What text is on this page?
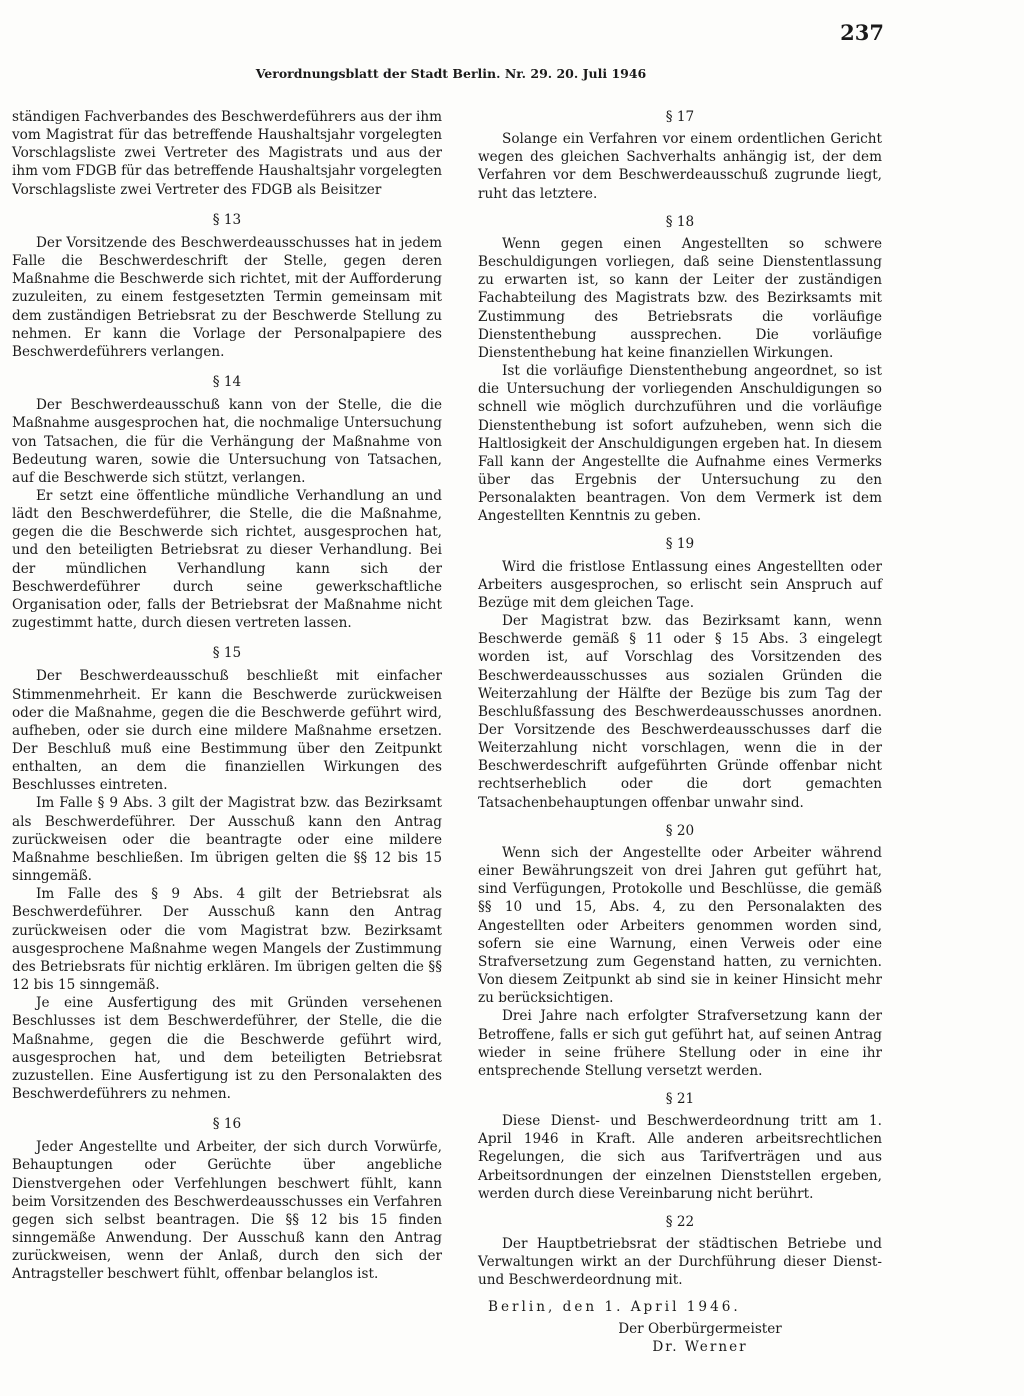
237
Verordnungsblatt der Stadt Berlin. Nr. 29. 20. Juli 1946

ständigen Fachverbandes des Beschwerdeführers aus der ihm vom Magistrat für das betreffende Haushaltsjahr vorgelegten Vorschlagsliste zwei Vertreter des Magistrats und aus der ihm vom FDGB für das betreffende Haushaltsjahr vorgelegten Vorschlagsliste zwei Vertreter des FDGB als Beisitzer

§ 13

Der Vorsitzende des Beschwerdeausschusses hat in jedem Falle die Beschwerdeschrift der Stelle, gegen deren Maßnahme die Beschwerde sich richtet, mit der Aufforderung zuzuleiten, zu einem festgesetzten Termin gemeinsam mit dem zuständigen Betriebsrat zu der Beschwerde Stellung zu nehmen. Er kann die Vorlage der Personalpapiere des Beschwerdeführers verlangen.

§ 14

Der Beschwerdeausschuß kann von der Stelle, die die Maßnahme ausgesprochen hat, die nochmalige Untersuchung von Tatsachen, die für die Verhängung der Maßnahme von Bedeutung waren, sowie die Untersuchung von Tatsachen, auf die Beschwerde sich stützt, verlangen.

Er setzt eine öffentliche mündliche Verhandlung an und lädt den Beschwerdeführer, die Stelle, die die Maßnahme, gegen die die Beschwerde sich richtet, ausgesprochen hat, und den beteiligten Betriebsrat zu dieser Verhandlung. Bei der mündlichen Verhandlung kann sich der Beschwerdeführer durch seine gewerkschaftliche Organisation oder, falls der Betriebsrat der Maßnahme nicht zugestimmt hatte, durch diesen vertreten lassen.

§ 15

Der Beschwerdeausschuß beschließt mit einfacher Stimmenmehrheit. Er kann die Beschwerde zurückweisen oder die Maßnahme, gegen die die Beschwerde geführt wird, aufheben, oder sie durch eine mildere Maßnahme ersetzen. Der Beschluß muß eine Bestimmung über den Zeitpunkt enthalten, an dem die finanziellen Wirkungen des Beschlusses eintreten.

Im Falle § 9 Abs. 3 gilt der Magistrat bzw. das Bezirksamt als Beschwerdeführer. Der Ausschuß kann den Antrag zurückweisen oder die beantragte oder eine mildere Maßnahme beschließen. Im übrigen gelten die §§ 12 bis 15 sinngemäß.

Im Falle des § 9 Abs. 4 gilt der Betriebsrat als Beschwerdeführer. Der Ausschuß kann den Antrag zurückweisen oder die vom Magistrat bzw. Bezirksamt ausgesprochene Maßnahme wegen Mangels der Zustimmung des Betriebsrats für nichtig erklären. Im übrigen gelten die §§ 12 bis 15 sinngemäß.

Je eine Ausfertigung des mit Gründen versehenen Beschlusses ist dem Beschwerdeführer, der Stelle, die die Maßnahme, gegen die die Beschwerde geführt wird, ausgesprochen hat, und dem beteiligten Betriebsrat zuzustellen. Eine Ausfertigung ist zu den Personalakten des Beschwerdeführers zu nehmen.

§ 16

Jeder Angestellte und Arbeiter, der sich durch Vorwürfe, Behauptungen oder Gerüchte über angebliche Dienstvergehen oder Verfehlungen beschwert fühlt, kann beim Vorsitzenden des Beschwerdeausschusses ein Verfahren gegen sich selbst beantragen. Die §§ 12 bis 15 finden sinngemäße Anwendung. Der Ausschuß kann den Antrag zurückweisen, wenn der Anlaß, durch den sich der Antragsteller beschwert fühlt, offenbar belanglos ist.

§ 17

Solange ein Verfahren vor einem ordentlichen Gericht wegen des gleichen Sachverhalts anhängig ist, der dem Verfahren vor dem Beschwerdeausschuß zugrunde liegt, ruht das letztere.

§ 18

Wenn gegen einen Angestellten so schwere Beschuldigungen vorliegen, daß seine Dienstentlassung zu erwarten ist, so kann der Leiter der zuständigen Fachabteilung des Magistrats bzw. des Bezirksamts mit Zustimmung des Betriebsrats die vorläufige Dienstenthebung aussprechen. Die vorläufige Dienstenthebung hat keine finanziellen Wirkungen.

Ist die vorläufige Dienstenthebung angeordnet, so ist die Untersuchung der vorliegenden Anschuldigungen so schnell wie möglich durchzuführen und die vorläufige Dienstenthebung ist sofort aufzuheben, wenn sich die Haltlosigkeit der Anschuldigungen ergeben hat. In diesem Fall kann der Angestellte die Aufnahme eines Vermerks über das Ergebnis der Untersuchung zu den Personalakten beantragen. Von dem Vermerk ist dem Angestellten Kenntnis zu geben.

§ 19

Wird die fristlose Entlassung eines Angestellten oder Arbeiters ausgesprochen, so erlischt sein Anspruch auf Bezüge mit dem gleichen Tage.

Der Magistrat bzw. das Bezirksamt kann, wenn Beschwerde gemäß § 11 oder § 15 Abs. 3 eingelegt worden ist, auf Vorschlag des Vorsitzenden des Beschwerdeausschusses aus sozialen Gründen die Weiterzahlung der Hälfte der Bezüge bis zum Tag der Beschlußfassung des Beschwerdeausschusses anordnen. Der Vorsitzende des Beschwerdeausschusses darf die Weiterzahlung nicht vorschlagen, wenn die in der Beschwerdeschrift aufgeführten Gründe offenbar nicht rechtserheblich oder die dort gemachten Tatsachenbehauptungen offenbar unwahr sind.

§ 20

Wenn sich der Angestellte oder Arbeiter während einer Bewährungszeit von drei Jahren gut geführt hat, sind Verfügungen, Protokolle und Beschlüsse, die gemäß §§ 10 und 15, Abs. 4, zu den Personalakten des Angestellten oder Arbeiters genommen worden sind, sofern sie eine Warnung, einen Verweis oder eine Strafversetzung zum Gegenstand hatten, zu vernichten. Von diesem Zeitpunkt ab sind sie in keiner Hinsicht mehr zu berücksichtigen.

Drei Jahre nach erfolgter Strafversetzung kann der Betroffene, falls er sich gut geführt hat, auf seinen Antrag wieder in seine frühere Stellung oder in eine ihr entsprechende Stellung versetzt werden.

§ 21

Diese Dienst- und Beschwerdeordnung tritt am 1. April 1946 in Kraft. Alle anderen arbeitsrechtlichen Regelungen, die sich aus Tarifverträgen und aus Arbeitsordnungen der einzelnen Dienststellen ergeben, werden durch diese Vereinbarung nicht berührt.

§ 22

Der Hauptbetriebsrat der städtischen Betriebe und Verwaltungen wirkt an der Durchführung dieser Dienst- und Beschwerdeordnung mit.

Berlin, den 1. April 1946.

Der Oberbürgermeister

Dr. Werner
